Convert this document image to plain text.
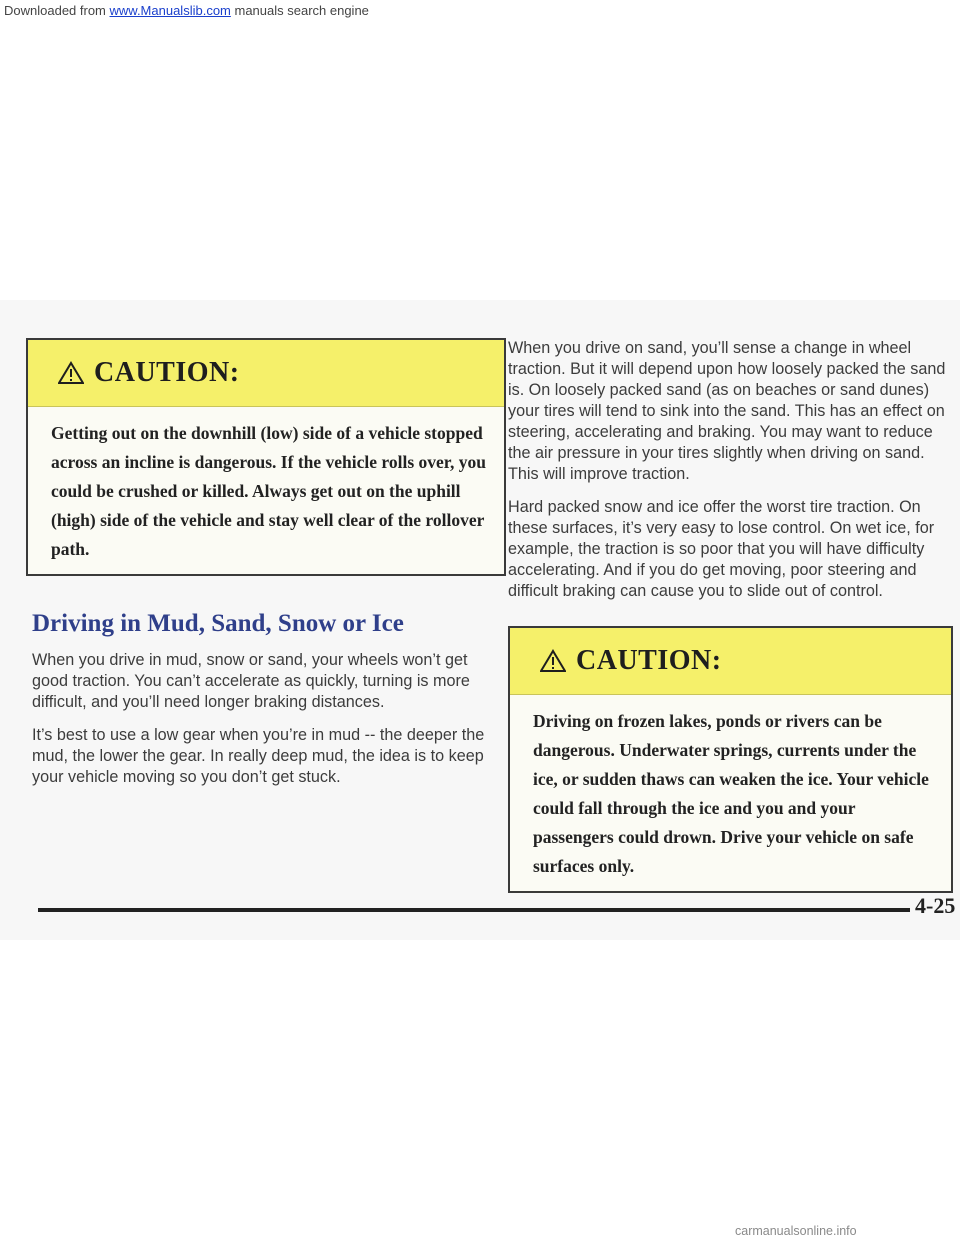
Downloaded from www.Manualslib.com manuals search engine
CAUTION:
Getting out on the downhill (low) side of a vehicle stopped across an incline is dangerous. If the vehicle rolls over, you could be crushed or killed. Always get out on the uphill (high) side of the vehicle and stay well clear of the rollover path.
Driving in Mud, Sand, Snow or Ice

When you drive in mud, snow or sand, your wheels won’t get good traction. You can’t accelerate as quickly, turning is more difficult, and you’ll need longer braking distances.

It’s best to use a low gear when you’re in mud -- the deeper the mud, the lower the gear. In really deep mud, the idea is to keep your vehicle moving so you don’t get stuck.

When you drive on sand, you’ll sense a change in wheel traction. But it will depend upon how loosely packed the sand is. On loosely packed sand (as on beaches or sand dunes) your tires will tend to sink into the sand. This has an effect on steering, accelerating and braking. You may want to reduce the air pressure in your tires slightly when driving on sand. This will improve traction.

Hard packed snow and ice offer the worst tire traction. On these surfaces, it’s very easy to lose control. On wet ice, for example, the traction is so poor that you will have difficulty accelerating. And if you do get moving, poor steering and difficult braking can cause you to slide out of control.

CAUTION:
Driving on frozen lakes, ponds or rivers can be dangerous. Underwater springs, currents under the ice, or sudden thaws can weaken the ice. Your vehicle could fall through the ice and you and your passengers could drown. Drive your vehicle on safe surfaces only.
4-25
carmanualsonline.info
